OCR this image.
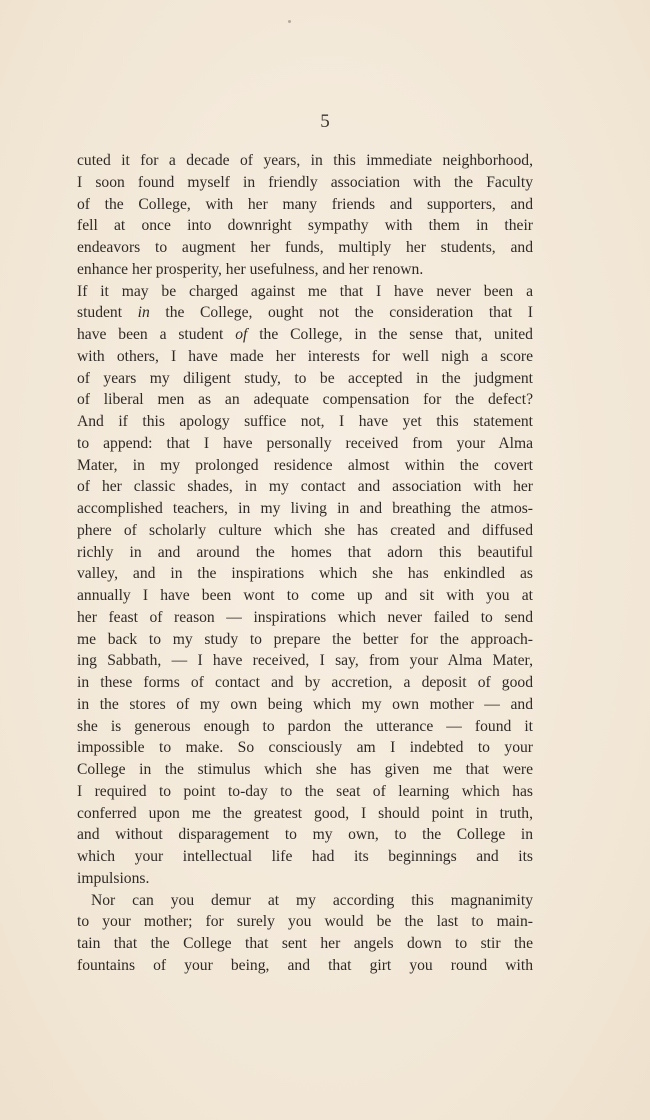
5
cuted it for a decade of years, in this immediate neighborhood,
I soon found myself in friendly association with the Faculty
of the College, with her many friends and supporters, and
fell at once into downright sympathy with them in their
endeavors to augment her funds, multiply her students, and
enhance her prosperity, her usefulness, and her renown.
If it may be charged against me that I have never been a
student in the College, ought not the consideration that I
have been a student of the College, in the sense that, united
with others, I have made her interests for well nigh a score
of years my diligent study, to be accepted in the judgment
of liberal men as an adequate compensation for the defect?
And if this apology suffice not, I have yet this statement
to append: that I have personally received from your Alma
Mater, in my prolonged residence almost within the covert
of her classic shades, in my contact and association with her
accomplished teachers, in my living in and breathing the atmos-
phere of scholarly culture which she has created and diffused
richly in and around the homes that adorn this beautiful
valley, and in the inspirations which she has enkindled as
annually I have been wont to come up and sit with you at
her feast of reason — inspirations which never failed to send
me back to my study to prepare the better for the approach-
ing Sabbath, — I have received, I say, from your Alma Mater,
in these forms of contact and by accretion, a deposit of good
in the stores of my own being which my own mother — and
she is generous enough to pardon the utterance — found it
impossible to make. So consciously am I indebted to your
College in the stimulus which she has given me that were
I required to point to-day to the seat of learning which has
conferred upon me the greatest good, I should point in truth,
and without disparagement to my own, to the College in
which your intellectual life had its beginnings and its
impulsions.
Nor can you demur at my according this magnanimity
to your mother; for surely you would be the last to main-
tain that the College that sent her angels down to stir the
fountains of your being, and that girt you round with
